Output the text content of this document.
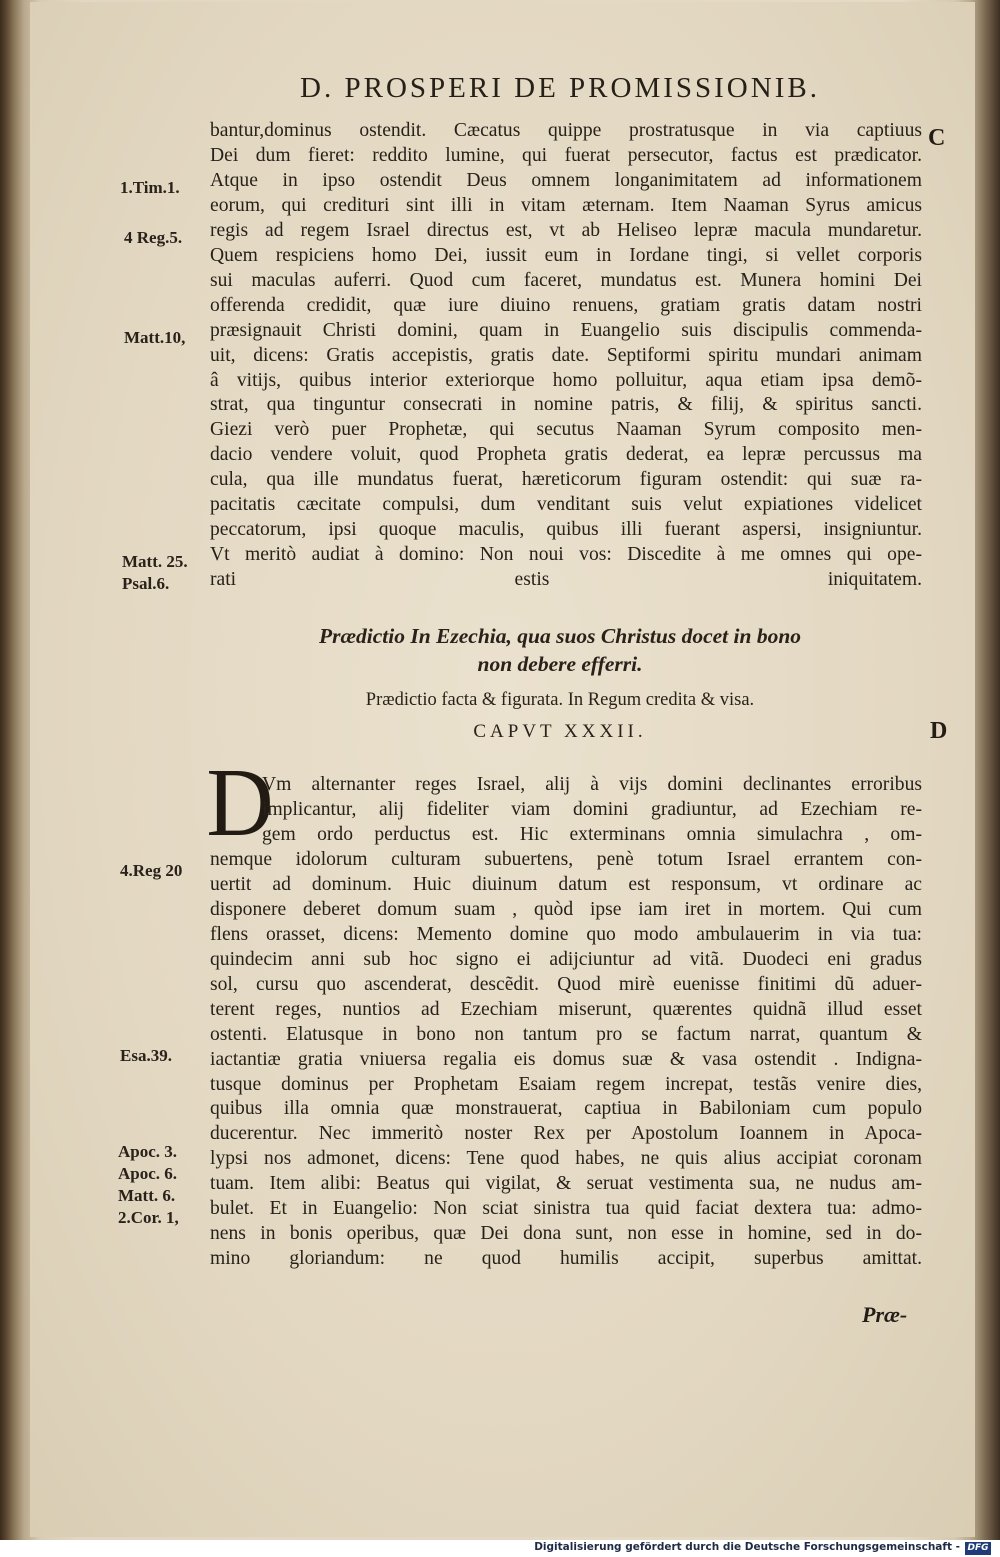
D. PROSPERI DE PROMISSIONIB.
C
D
1.Tim.1.
4 Reg.5.
Matt.10,
Matt. 25.
Psal.6.
4.Reg 20
Esa.39.
Apoc. 3.
Apoc. 6.
Matt. 6.
2.Cor. 1,
bantur,dominus ostendit. Cæcatus quippe prostratusque in via captiuus
Dei dum fieret: reddito lumine, qui fuerat persecutor, factus est prædicator.
Atque in ipso ostendit Deus omnem longanimitatem ad informationem
eorum, qui credituri sint illi in vitam æternam. Item Naaman Syrus amicus
regis ad regem Israel directus est, vt ab Heliseo lepræ macula mundaretur.
Quem respiciens homo Dei, iussit eum in Iordane tingi, si vellet corporis
sui maculas auferri. Quod cum faceret, mundatus est. Munera homini Dei
offerenda credidit, quæ iure diuino renuens, gratiam gratis datam nostri
præsignauit Christi domini, quam in Euangelio suis discipulis commenda-
uit, dicens: Gratis accepistis, gratis date. Septiformi spiritu mundari animam
â vitijs, quibus interior exteriorque homo polluitur, aqua etiam ipsa demõ-
strat, qua tinguntur consecrati in nomine patris, & filij, & spiritus sancti.
Giezi verò puer Prophetæ, qui secutus Naaman Syrum composito men-
dacio vendere voluit, quod Propheta gratis dederat, ea lepræ percussus ma
cula, qua ille mundatus fuerat, hæreticorum figuram ostendit: qui suæ ra-
pacitatis cæcitate compulsi, dum venditant suis velut expiationes videlicet
peccatorum, ipsi quoque maculis, quibus illi fuerant aspersi, insigniuntur.
Vt meritò audiat à domino: Non noui vos: Discedite à me omnes qui ope-
rati estis iniquitatem.
Prædictio In Ezechia, qua suos Christus docet in bono
non debere efferri.
Prædictio facta & figurata. In Regum credita & visa.
CAPVT XXXII.
D
Vm alternanter reges Israel, alij à vijs domini declinantes erroribus
implicantur, alij fideliter viam domini gradiuntur, ad Ezechiam re-
gem ordo perductus est. Hic exterminans omnia simulachra , om-
nemque idolorum culturam subuertens, penè totum Israel errantem con-
uertit ad dominum. Huic diuinum datum est responsum, vt ordinare ac
disponere deberet domum suam , quòd ipse iam iret in mortem. Qui cum
flens orasset, dicens: Memento domine quo modo ambulauerim in via tua:
quindecim anni sub hoc signo ei adijciuntur ad vitã. Duodeci eni gradus
sol, cursu quo ascenderat, descẽdit. Quod mirè euenisse finitimi dũ aduer-
terent reges, nuntios ad Ezechiam miserunt, quærentes quidnã illud esset
ostenti. Elatusque in bono non tantum pro se factum narrat, quantum &
iactantiæ gratia vniuersa regalia eis domus suæ & vasa ostendit . Indigna-
tusque dominus per Prophetam Esaiam regem increpat, testãs venire dies,
quibus illa omnia quæ monstrauerat, captiua in Babiloniam cum populo
ducerentur. Nec immeritò noster Rex per Apostolum Ioannem in Apoca-
lypsi nos admonet, dicens: Tene quod habes, ne quis alius accipiat coronam
tuam. Item alibi: Beatus qui vigilat, & seruat vestimenta sua, ne nudus am-
bulet. Et in Euangelio: Non sciat sinistra tua quid faciat dextera tua: admo-
nens in bonis operibus, quæ Dei dona sunt, non esse in homine, sed in do-
mino gloriandum: ne quod humilis accipit, superbus amittat.
Præ-
Digitalisierung gefördert durch die Deutsche Forschungsgemeinschaft - DFG
